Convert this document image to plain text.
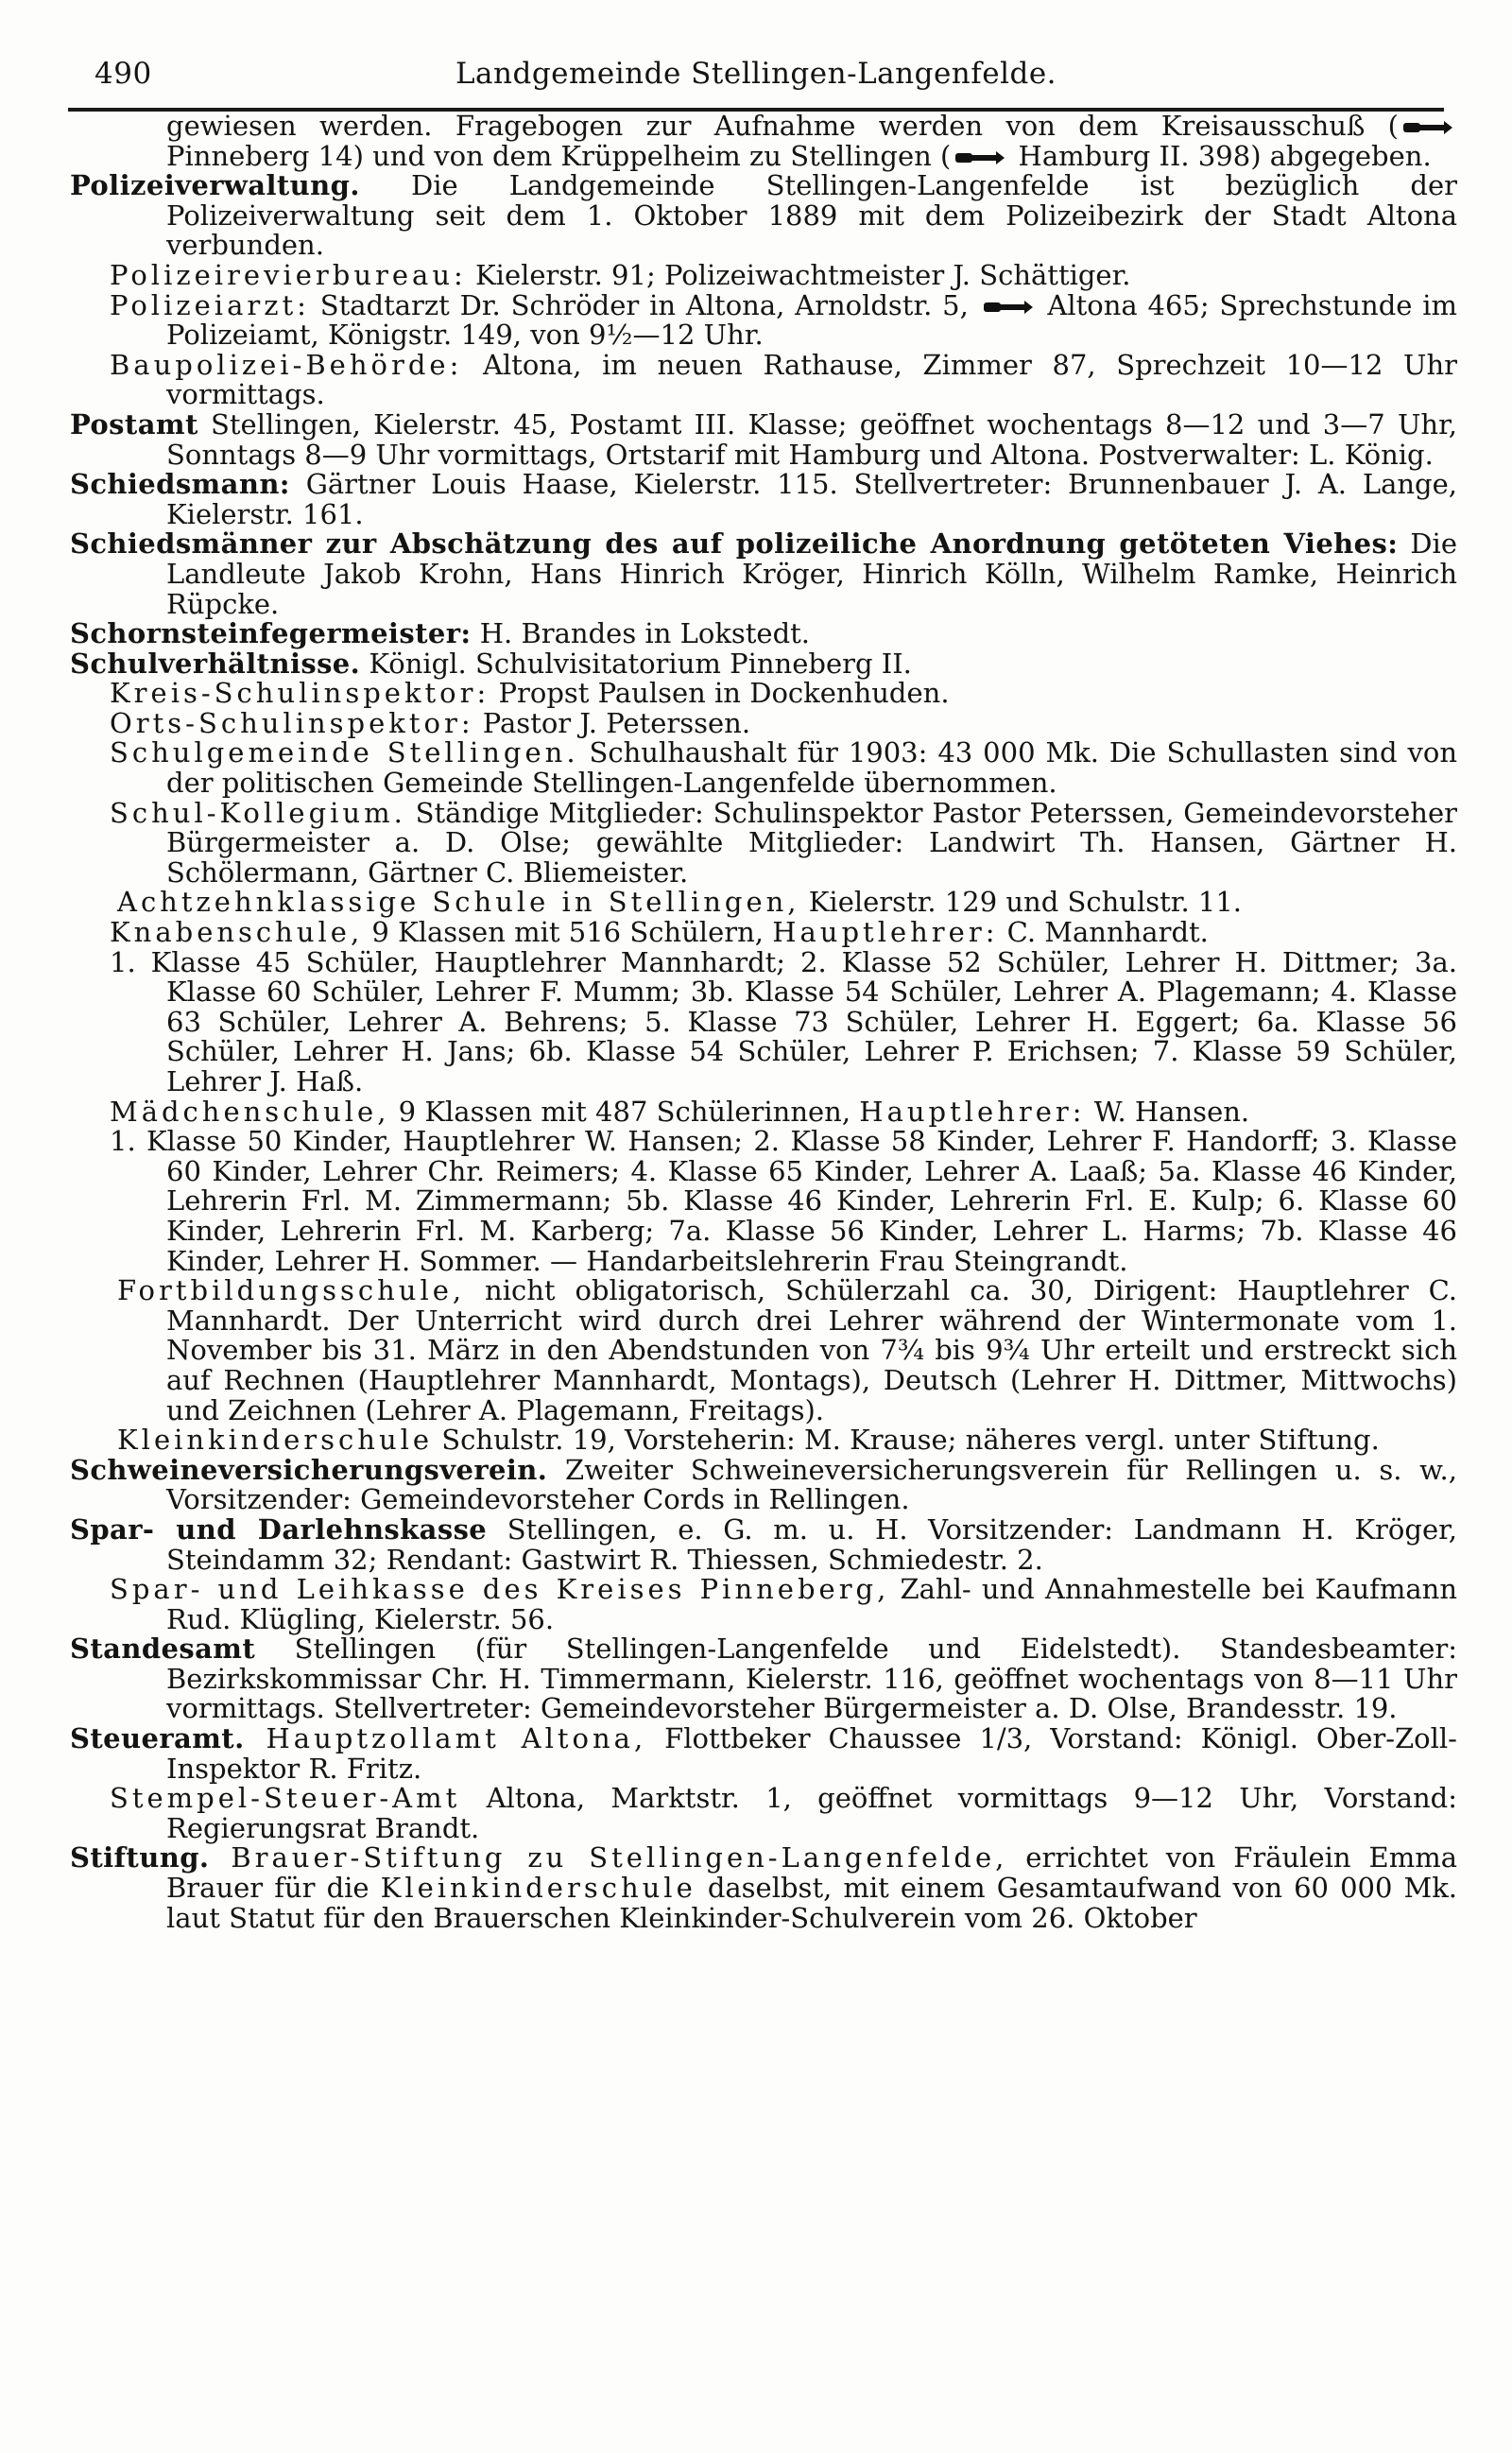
490	Landgemeinde Stellingen-Langenfelde.

gewiesen werden. Fragebogen zur Aufnahme werden von dem Kreisausschuß (
Pinneberg 14) und von dem Krüppelheim zu Stellingen (
Hamburg II. 398) abgegeben.

Polizeiverwaltung. Die Landgemeinde Stellingen-Langenfelde ist bezüglich der Polizeiverwaltung seit dem 1. Oktober 1889 mit dem Polizeibezirk der Stadt Altona verbunden.

Polizeirevierbureau: Kielerstr. 91; Polizeiwachtmeister J. Schättiger.

Polizeiarzt: Stadtarzt Dr. Schröder in Altona, Arnoldstr. 5,
Altona 465; Sprechstunde im Polizeiamt, Königstr. 149, von 9½—12 Uhr.

Baupolizei-Behörde: Altona, im neuen Rathause, Zimmer 87, Sprechzeit 10—12 Uhr vormittags.

Postamt Stellingen, Kielerstr. 45, Postamt III. Klasse; geöffnet wochentags 8—12 und 3—7 Uhr, Sonntags 8—9 Uhr vormittags, Ortstarif mit Hamburg und Altona. Postverwalter: L. König.

Schiedsmann: Gärtner Louis Haase, Kielerstr. 115. Stellvertreter: Brunnenbauer J. A. Lange, Kielerstr. 161.

Schiedsmänner zur Abschätzung des auf polizeiliche Anordnung getöteten Viehes: Die Landleute Jakob Krohn, Hans Hinrich Kröger, Hinrich Kölln, Wilhelm Ramke, Heinrich Rüpcke.

Schornsteinfegermeister: H. Brandes in Lokstedt.

Schulverhältnisse. Königl. Schulvisitatorium Pinneberg II.

Kreis-Schulinspektor: Propst Paulsen in Dockenhuden.

Orts-Schulinspektor: Pastor J. Peterssen.

Schulgemeinde Stellingen. Schulhaushalt für 1903: 43 000 Mk. Die Schullasten sind von der politischen Gemeinde Stellingen-Langenfelde übernommen.

Schul-Kollegium. Ständige Mitglieder: Schulinspektor Pastor Peterssen, Gemeindevorsteher Bürgermeister a. D. Olse; gewählte Mitglieder: Landwirt Th. Hansen, Gärtner H. Schölermann, Gärtner C. Bliemeister.

Achtzehnklassige Schule in Stellingen, Kielerstr. 129 und Schulstr. 11.

Knabenschule, 9 Klassen mit 516 Schülern, Hauptlehrer: C. Mannhardt.

1. Klasse 45 Schüler, Hauptlehrer Mannhardt; 2. Klasse 52 Schüler, Lehrer H. Dittmer; 3a. Klasse 60 Schüler, Lehrer F. Mumm; 3b. Klasse 54 Schüler, Lehrer A. Plagemann; 4. Klasse 63 Schüler, Lehrer A. Behrens; 5. Klasse 73 Schüler, Lehrer H. Eggert; 6a. Klasse 56 Schüler, Lehrer H. Jans; 6b. Klasse 54 Schüler, Lehrer P. Erichsen; 7. Klasse 59 Schüler, Lehrer J. Haß.

Mädchenschule, 9 Klassen mit 487 Schülerinnen, Hauptlehrer: W. Hansen.

1. Klasse 50 Kinder, Hauptlehrer W. Hansen; 2. Klasse 58 Kinder, Lehrer F. Handorff; 3. Klasse 60 Kinder, Lehrer Chr. Reimers; 4. Klasse 65 Kinder, Lehrer A. Laaß; 5a. Klasse 46 Kinder, Lehrerin Frl. M. Zimmermann; 5b. Klasse 46 Kinder, Lehrerin Frl. E. Kulp; 6. Klasse 60 Kinder, Lehrerin Frl. M. Karberg; 7a. Klasse 56 Kinder, Lehrer L. Harms; 7b. Klasse 46 Kinder, Lehrer H. Sommer. — Handarbeitslehrerin Frau Steingrandt.

Fortbildungsschule, nicht obligatorisch, Schülerzahl ca. 30, Dirigent: Hauptlehrer C. Mannhardt. Der Unterricht wird durch drei Lehrer während der Wintermonate vom 1. November bis 31. März in den Abendstunden von 7¾ bis 9¾ Uhr erteilt und erstreckt sich auf Rechnen (Hauptlehrer Mannhardt, Montags), Deutsch (Lehrer H. Dittmer, Mittwochs) und Zeichnen (Lehrer A. Plagemann, Freitags).

Kleinkinderschule Schulstr. 19, Vorsteherin: M. Krause; näheres vergl. unter Stiftung.

Schweineversicherungsverein. Zweiter Schweineversicherungsverein für Rellingen u. s. w., Vorsitzender: Gemeindevorsteher Cords in Rellingen.

Spar- und Darlehnskasse Stellingen, e. G. m. u. H. Vorsitzender: Landmann H. Kröger, Steindamm 32; Rendant: Gastwirt R. Thiessen, Schmiedestr. 2.

Spar- und Leihkasse des Kreises Pinneberg, Zahl- und Annahmestelle bei Kaufmann Rud. Klügling, Kielerstr. 56.

Standesamt Stellingen (für Stellingen-Langenfelde und Eidelstedt). Standesbeamter: Bezirkskommissar Chr. H. Timmermann, Kielerstr. 116, geöffnet wochentags von 8—11 Uhr vormittags. Stellvertreter: Gemeindevorsteher Bürgermeister a. D. Olse, Brandesstr. 19.

Steueramt. Hauptzollamt Altona, Flottbeker Chaussee 1/3, Vorstand: Königl. Ober-Zoll-Inspektor R. Fritz.

Stempel-Steuer-Amt Altona, Marktstr. 1, geöffnet vormittags 9—12 Uhr, Vorstand: Regierungsrat Brandt.

Stiftung. Brauer-Stiftung zu Stellingen-Langenfelde, errichtet von Fräulein Emma Brauer für die Kleinkinderschule daselbst, mit einem Gesamtaufwand von 60 000 Mk. laut Statut für den Brauerschen Kleinkinder-Schulverein vom 26. Oktober
